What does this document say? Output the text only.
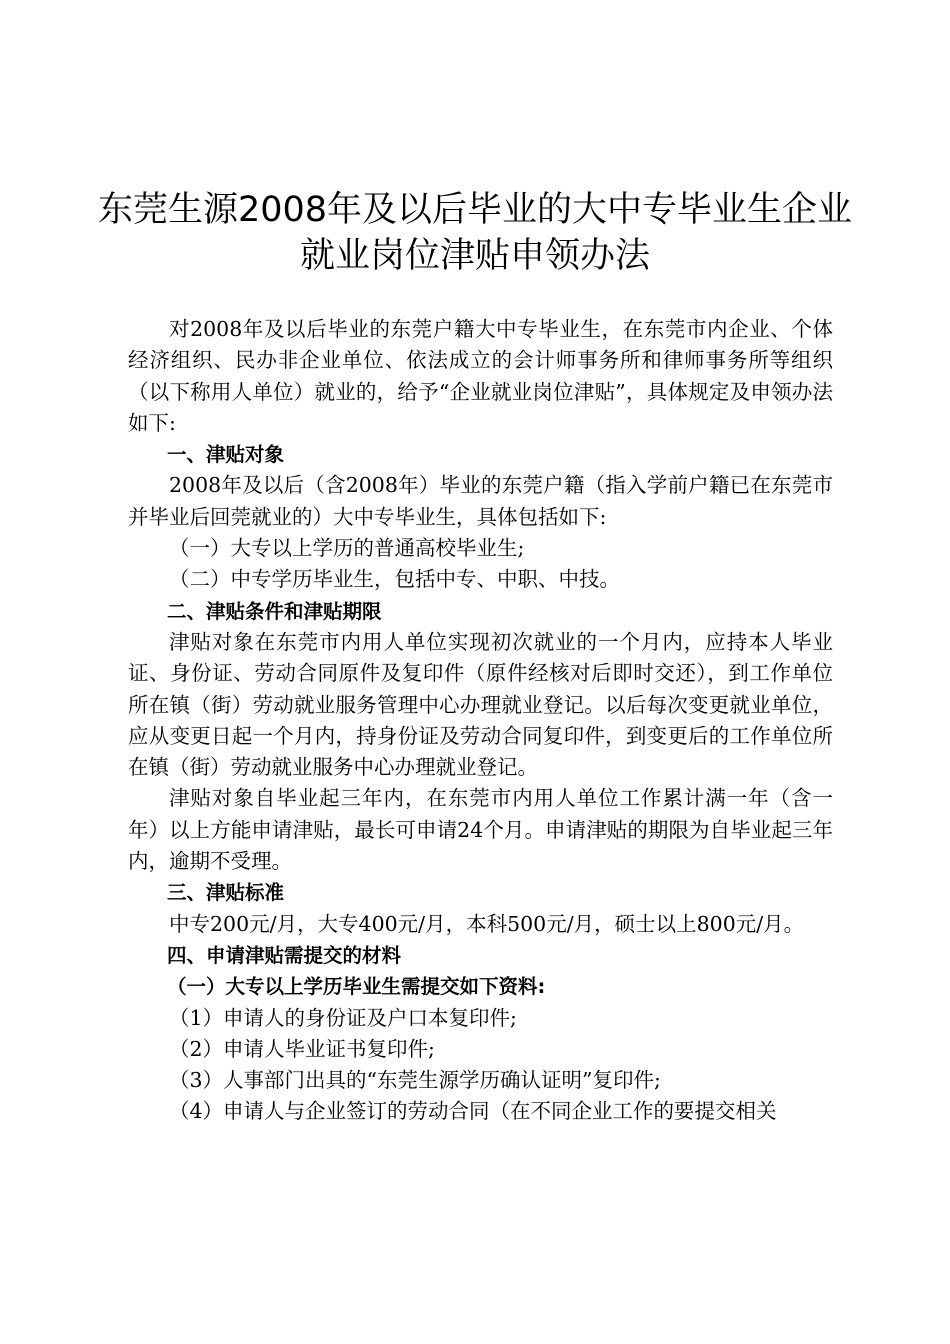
东莞生源2008年及以后毕业的大中专毕业生企业
就业岗位津贴申领办法

对2008年及以后毕业的东莞户籍大中专毕业生，在东莞市内企业、个体经济组织、民办非企业单位、依法成立的会计师事务所和律师事务所等组织（以下称用人单位）就业的，给予“企业就业岗位津贴”，具体规定及申领办法如下:

一、津贴对象

2008年及以后（含2008年）毕业的东莞户籍（指入学前户籍已在东莞市并毕业后回莞就业的）大中专毕业生，具体包括如下:

（一）大专以上学历的普通高校毕业生;

（二）中专学历毕业生，包括中专、中职、中技。

二、津贴条件和津贴期限

津贴对象在东莞市内用人单位实现初次就业的一个月内，应持本人毕业证、身份证、劳动合同原件及复印件（原件经核对后即时交还），到工作单位所在镇（街）劳动就业服务管理中心办理就业登记。以后每次变更就业单位，应从变更日起一个月内，持身份证及劳动合同复印件，到变更后的工作单位所在镇（街）劳动就业服务中心办理就业登记。

津贴对象自毕业起三年内，在东莞市内用人单位工作累计满一年（含一年）以上方能申请津贴，最长可申请24个月。申请津贴的期限为自毕业起三年内，逾期不受理。

三、津贴标准

中专200元/月，大专400元/月，本科500元/月，硕士以上800元/月。

四、申请津贴需提交的材料

（一）大专以上学历毕业生需提交如下资料:

（1）申请人的身份证及户口本复印件;

（2）申请人毕业证书复印件;

（3）人事部门出具的“东莞生源学历确认证明”复印件;

（4）申请人与企业签订的劳动合同（在不同企业工作的要提交相关
